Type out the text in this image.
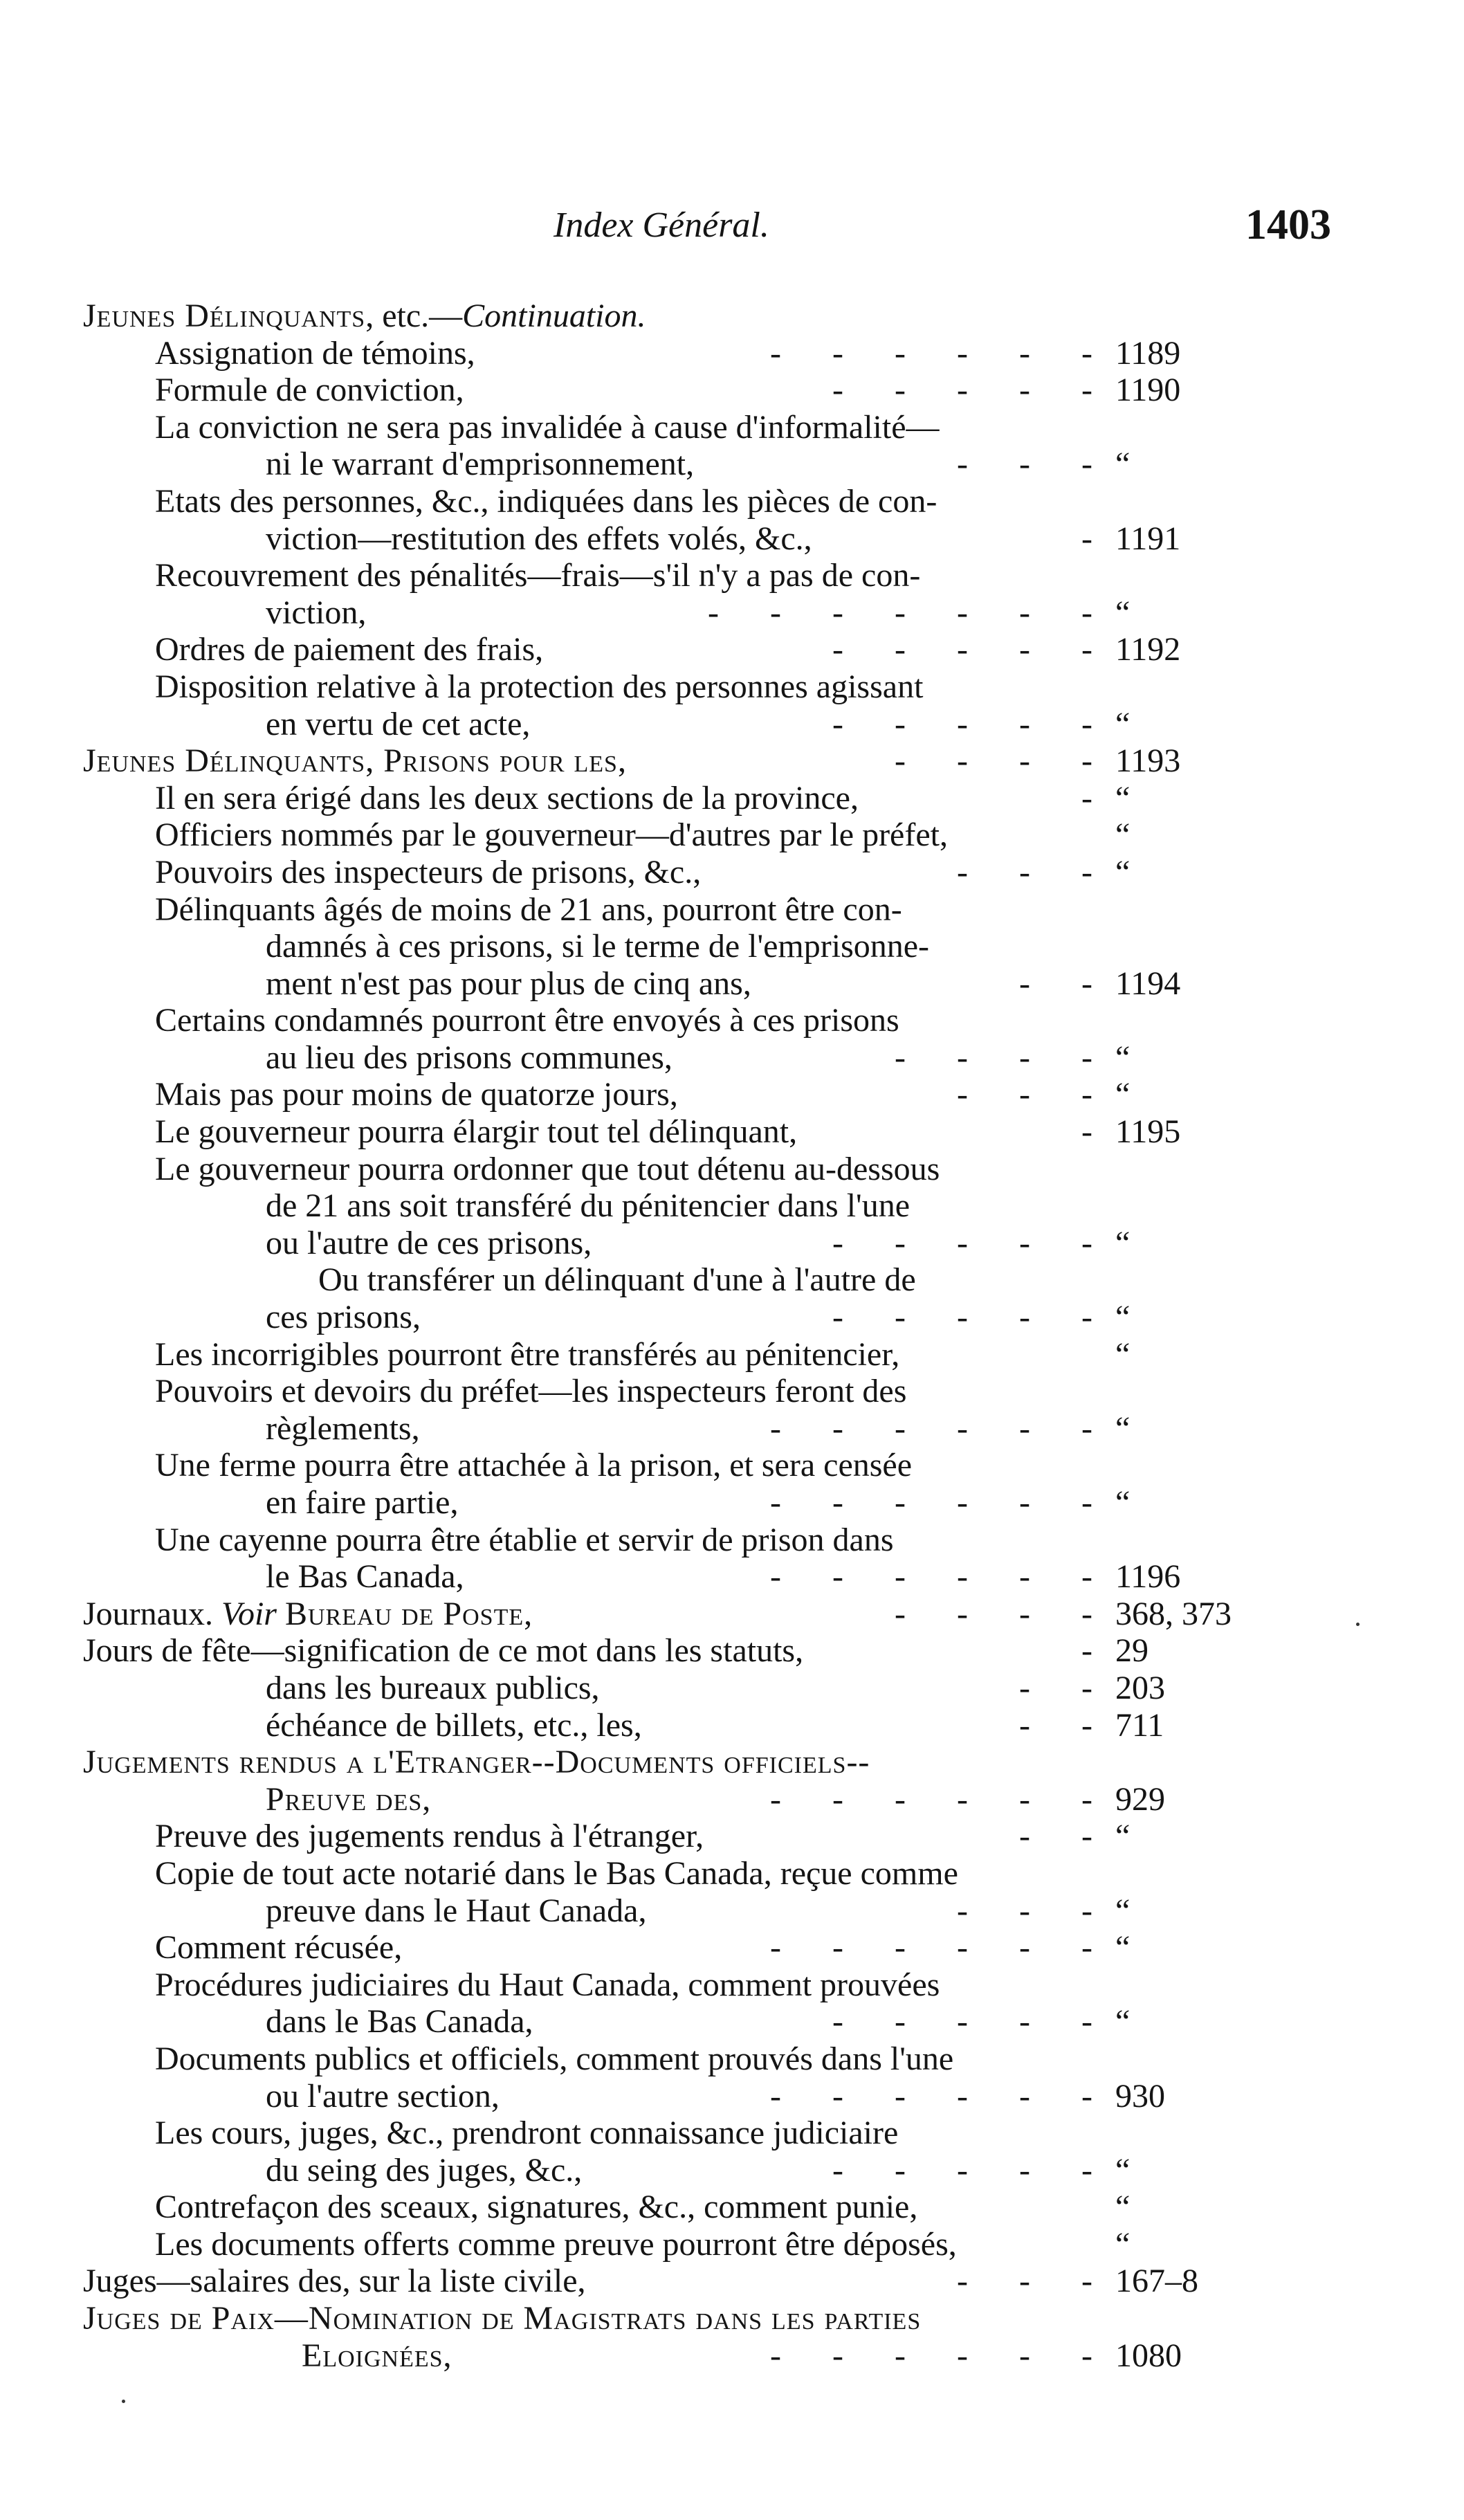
Index Général.	1403
Jeunes Délinquants, etc.—Continuation.
Assignation de témoins,	- - - - - - 1189
Formule de conviction,	- - - - - 1190
La conviction ne sera pas invalidée à cause d'informalité—
ni le warrant d'emprisonnement,	- - - “
Etats des personnes, &c., indiquées dans les pièces de con-
viction—restitution des effets volés, &c.,	- 1191
Recouvrement des pénalités—frais—s'il n'y a pas de con-
viction,	- - - - - - - “
Ordres de paiement des frais,	- - - - - 1192
Disposition relative à la protection des personnes agissant
en vertu de cet acte,	- - - - - “
Jeunes Délinquants, Prisons pour les,	- - - - 1193
Il en sera érigé dans les deux sections de la province,	- “
Officiers nommés par le gouverneur—d'autres par le préfet,	“
Pouvoirs des inspecteurs de prisons, &c.,	- - - “
Délinquants âgés de moins de 21 ans, pourront être con-
damnés à ces prisons, si le terme de l'emprisonne-
ment n'est pas pour plus de cinq ans,	- - 1194
Certains condamnés pourront être envoyés à ces prisons
au lieu des prisons communes,	- - - - “
Mais pas pour moins de quatorze jours,	- - - “
Le gouverneur pourra élargir tout tel délinquant,	- 1195
Le gouverneur pourra ordonner que tout détenu au-dessous
de 21 ans soit transféré du pénitencier dans l'une
ou l'autre de ces prisons,	- - - - - “
Ou transférer un délinquant d'une à l'autre de
ces prisons,	- - - - - “
Les incorrigibles pourront être transférés au pénitencier,	“
Pouvoirs et devoirs du préfet—les inspecteurs feront des
règlements,	- - - - - - “
Une ferme pourra être attachée à la prison, et sera censée
en faire partie,	- - - - - - “
Une cayenne pourra être établie et servir de prison dans
le Bas Canada,	- - - - - - 1196
Journaux. Voir Bureau de Poste,	- - - - 368, 373
Jours de fête—signification de ce mot dans les statuts,	- 29
dans les bureaux publics,	- - 203
échéance de billets, etc., les,	- - 711
Jugements rendus a l'Etranger--Documents officiels--
Preuve des,	- - - - - - 929
Preuve des jugements rendus à l'étranger,	- - “
Copie de tout acte notarié dans le Bas Canada, reçue comme
preuve dans le Haut Canada,	- - - “
Comment récusée,	- - - - - - “
Procédures judiciaires du Haut Canada, comment prouvées
dans le Bas Canada,	- - - - - “
Documents publics et officiels, comment prouvés dans l'une
ou l'autre section,	- - - - - - 930
Les cours, juges, &c., prendront connaissance judiciaire
du seing des juges, &c.,	- - - - - “
Contrefaçon des sceaux, signatures, &c., comment punie,	“
Les documents offerts comme preuve pourront être déposés,	“
Juges—salaires des, sur la liste civile,	- - - 167–8
Juges de Paix—Nomination de Magistrats dans les parties
Eloignées,	- - - - - - 1080
